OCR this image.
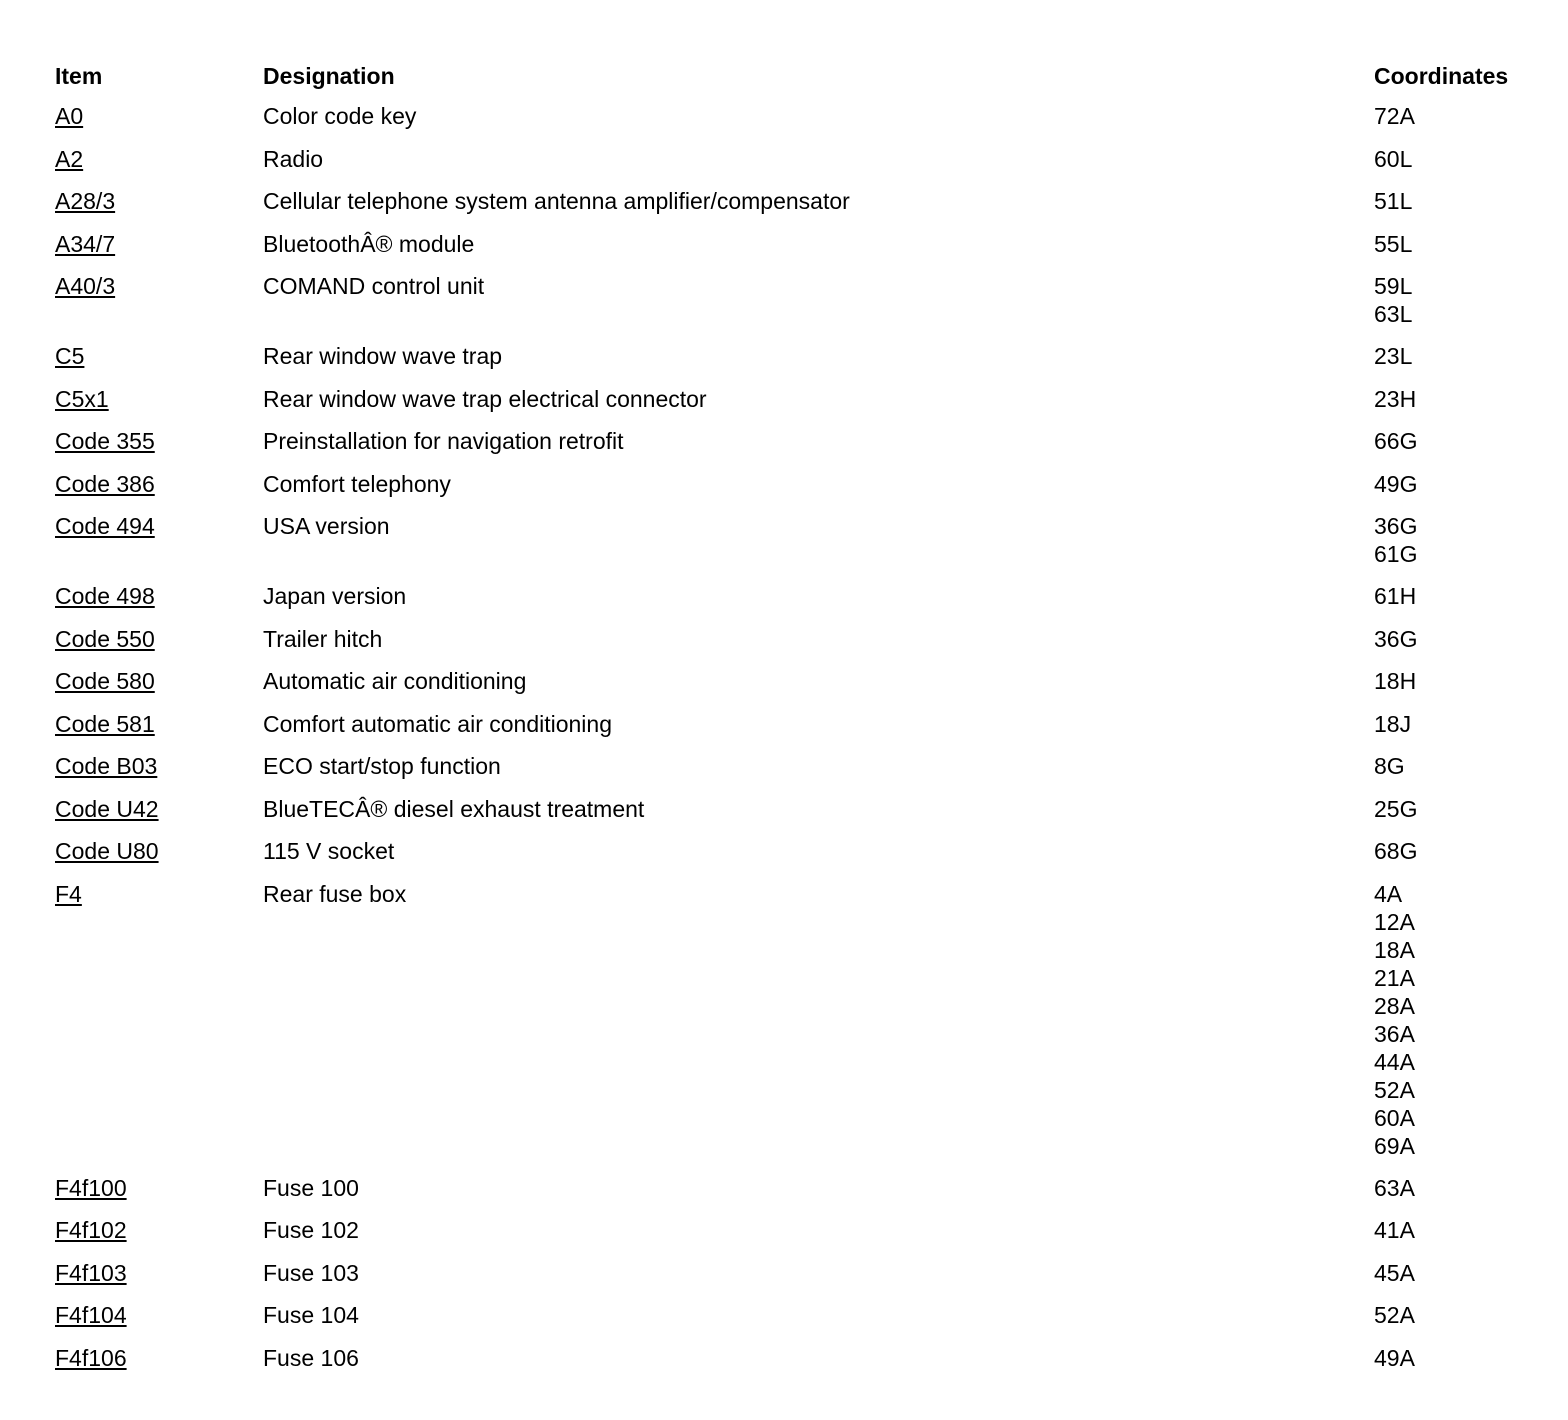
Item	Designation	Coordinates
A0	Color code key	72A
A2	Radio	60L
A28/3	Cellular telephone system antenna amplifier/compensator	51L
A34/7	BluetoothÂ® module	55L
A40/3	COMAND control unit	59L
63L
C5	Rear window wave trap	23L
C5x1	Rear window wave trap electrical connector	23H
Code 355	Preinstallation for navigation retrofit	66G
Code 386	Comfort telephony	49G
Code 494	USA version	36G
61G
Code 498	Japan version	61H
Code 550	Trailer hitch	36G
Code 580	Automatic air conditioning	18H
Code 581	Comfort automatic air conditioning	18J
Code B03	ECO start/stop function	8G
Code U42	BlueTECÂ® diesel exhaust treatment	25G
Code U80	115 V socket	68G
F4	Rear fuse box	4A
12A
18A
21A
28A
36A
44A
52A
60A
69A
F4f100	Fuse 100	63A
F4f102	Fuse 102	41A
F4f103	Fuse 103	45A
F4f104	Fuse 104	52A
F4f106	Fuse 106	49A
